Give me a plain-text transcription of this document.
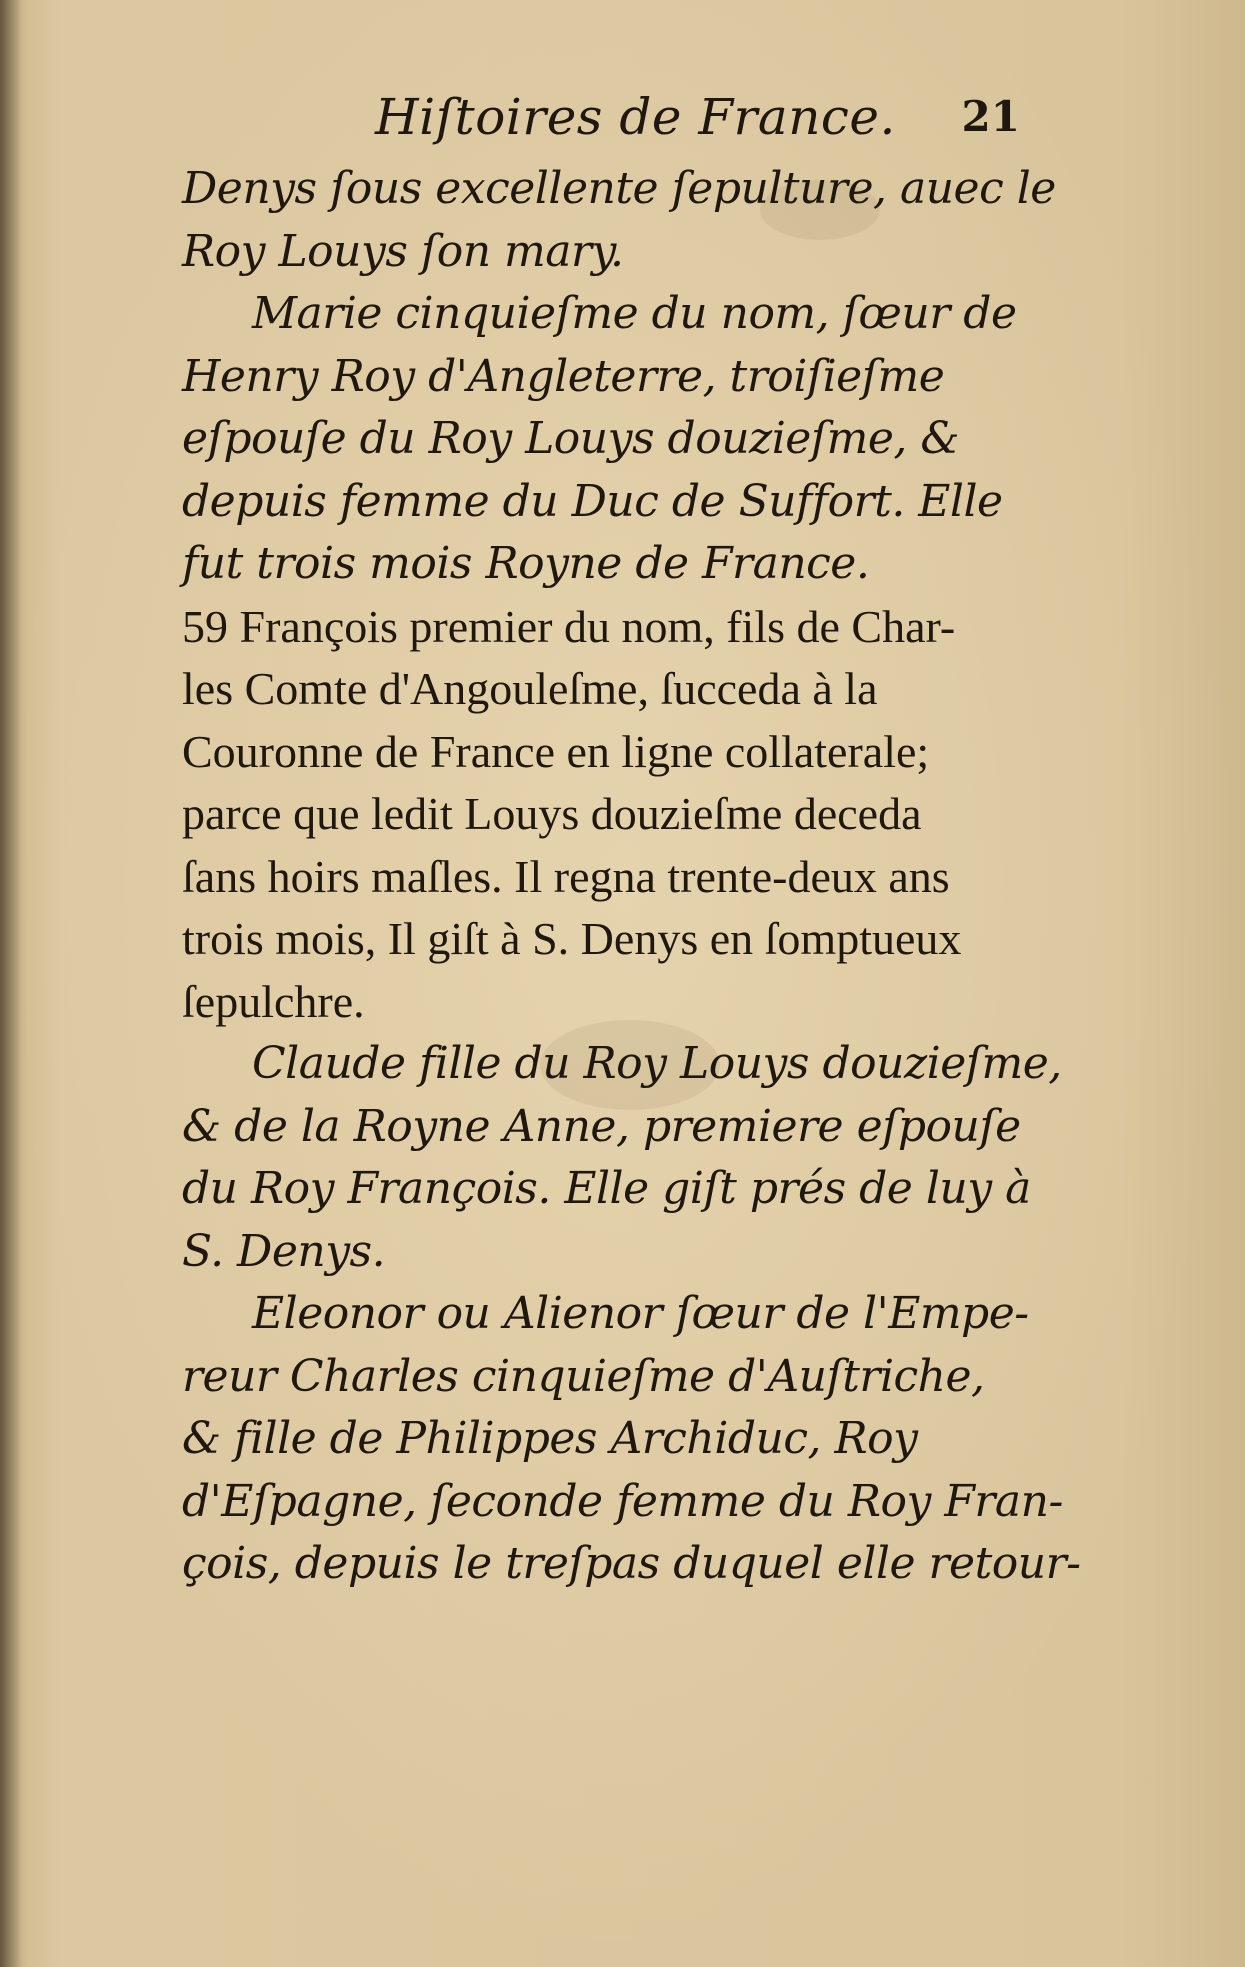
Hiſtoires de France. 21
Denys ſous excellente ſepulture, auec le
Roy Louys ſon mary.
Marie cinquieſme du nom, ſœur de
Henry Roy d'Angleterre, troiſieſme
eſpouſe du Roy Louys douzieſme, &
depuis femme du Duc de Suffort. Elle
fut trois mois Royne de France.
59 François premier du nom, fils de Char-
les Comte d'Angouleſme, ſucceda à la
Couronne de France en ligne collaterale;
parce que ledit Louys douzieſme deceda
ſans hoirs maſles. Il regna trente-deux ans
trois mois, Il giſt à S. Denys en ſomptueux
ſepulchre.
Claude fille du Roy Louys douzieſme,
& de la Royne Anne, premiere eſpouſe
du Roy François. Elle giſt prés de luy à
S. Denys.
Eleonor ou Alienor ſœur de l'Empe-
reur Charles cinquieſme d'Auſtriche,
& fille de Philippes Archiduc, Roy
d'Eſpagne, ſeconde femme du Roy Fran-
çois, depuis le treſpas duquel elle retour-
